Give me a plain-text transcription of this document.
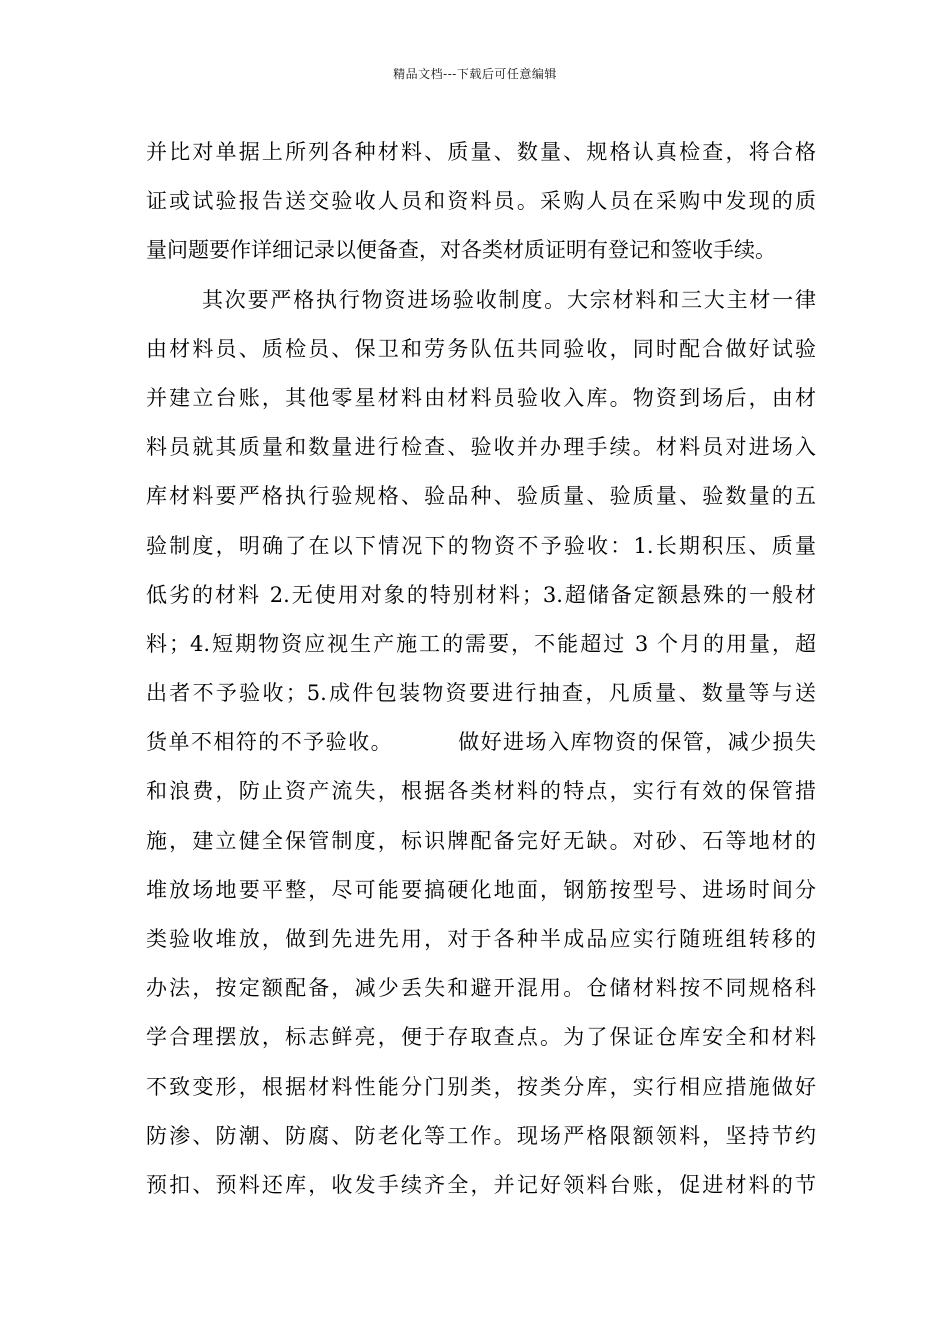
精品文档---下载后可任意编辑
并比对单据上所列各种材料、质量、数量、规格认真检查，将合格
证或试验报告送交验收人员和资料员。采购人员在采购中发现的质
量问题要作详细记录以便备查，对各类材质证明有登记和签收手续。
其次要严格执行物资进场验收制度。大宗材料和三大主材一律
由材料员、质检员、保卫和劳务队伍共同验收，同时配合做好试验
并建立台账，其他零星材料由材料员验收入库。物资到场后，由材
料员就其质量和数量进行检查、验收并办理手续。材料员对进场入
库材料要严格执行验规格、验品种、验质量、验质量、验数量的五
验制度，明确了在以下情况下的物资不予验收：1.长期积压、质量
低劣的材料 2.无使用对象的特别材料；3.超储备定额悬殊的一般材
料；4.短期物资应视生产施工的需要，不能超过 3 个月的用量，超
出者不予验收；5.成件包装物资要进行抽查，凡质量、数量等与送
货单不相符的不予验收。        做好进场入库物资的保管，减少损失
和浪费，防止资产流失，根据各类材料的特点，实行有效的保管措
施，建立健全保管制度，标识牌配备完好无缺。对砂、石等地材的
堆放场地要平整，尽可能要搞硬化地面，钢筋按型号、进场时间分
类验收堆放，做到先进先用，对于各种半成品应实行随班组转移的
办法，按定额配备，减少丢失和避开混用。仓储材料按不同规格科
学合理摆放，标志鲜亮，便于存取查点。为了保证仓库安全和材料
不致变形，根据材料性能分门别类，按类分库，实行相应措施做好
防渗、防潮、防腐、防老化等工作。现场严格限额领料，坚持节约
预扣、预料还库，收发手续齐全，并记好领料台账，促进材料的节
